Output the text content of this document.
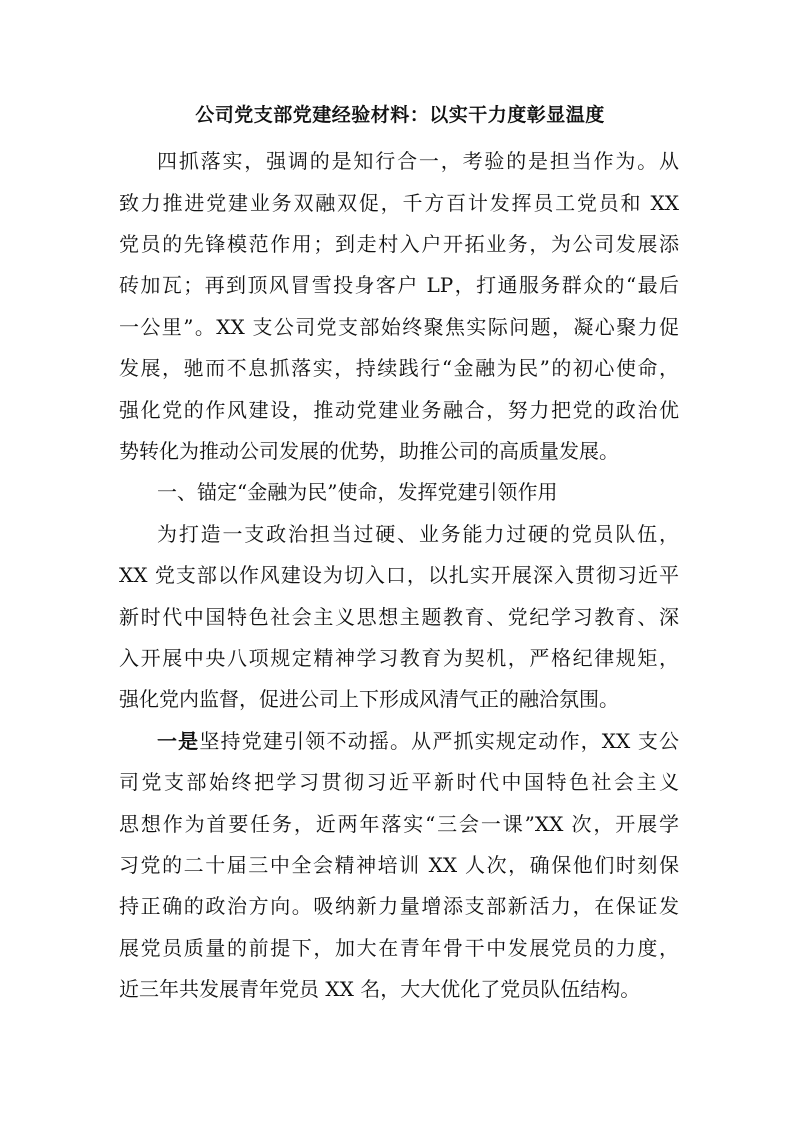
公司党支部党建经验材料：以实干力度彰显温度
四抓落实，强调的是知行合一，考验的是担当作为。从
致力推进党建业务双融双促，千方百计发挥员工党员和 XX
党员的先锋模范作用；到走村入户开拓业务，为公司发展添
砖加瓦；再到顶风冒雪投身客户 LP，打通服务群众的“最后
一公里”。XX 支公司党支部始终聚焦实际问题，凝心聚力促
发展，驰而不息抓落实，持续践行“金融为民”的初心使命，
强化党的作风建设，推动党建业务融合，努力把党的政治优
势转化为推动公司发展的优势，助推公司的高质量发展。
一、锚定“金融为民”使命，发挥党建引领作用
为打造一支政治担当过硬、业务能力过硬的党员队伍，
XX 党支部以作风建设为切入口，以扎实开展深入贯彻习近平
新时代中国特色社会主义思想主题教育、党纪学习教育、深
入开展中央八项规定精神学习教育为契机，严格纪律规矩，
强化党内监督，促进公司上下形成风清气正的融洽氛围。
一是坚持党建引领不动摇。从严抓实规定动作，XX 支公
司党支部始终把学习贯彻习近平新时代中国特色社会主义
思想作为首要任务，近两年落实“三会一课”XX 次，开展学
习党的二十届三中全会精神培训 XX 人次，确保他们时刻保
持正确的政治方向。吸纳新力量增添支部新活力，在保证发
展党员质量的前提下，加大在青年骨干中发展党员的力度，
近三年共发展青年党员 XX 名，大大优化了党员队伍结构。
